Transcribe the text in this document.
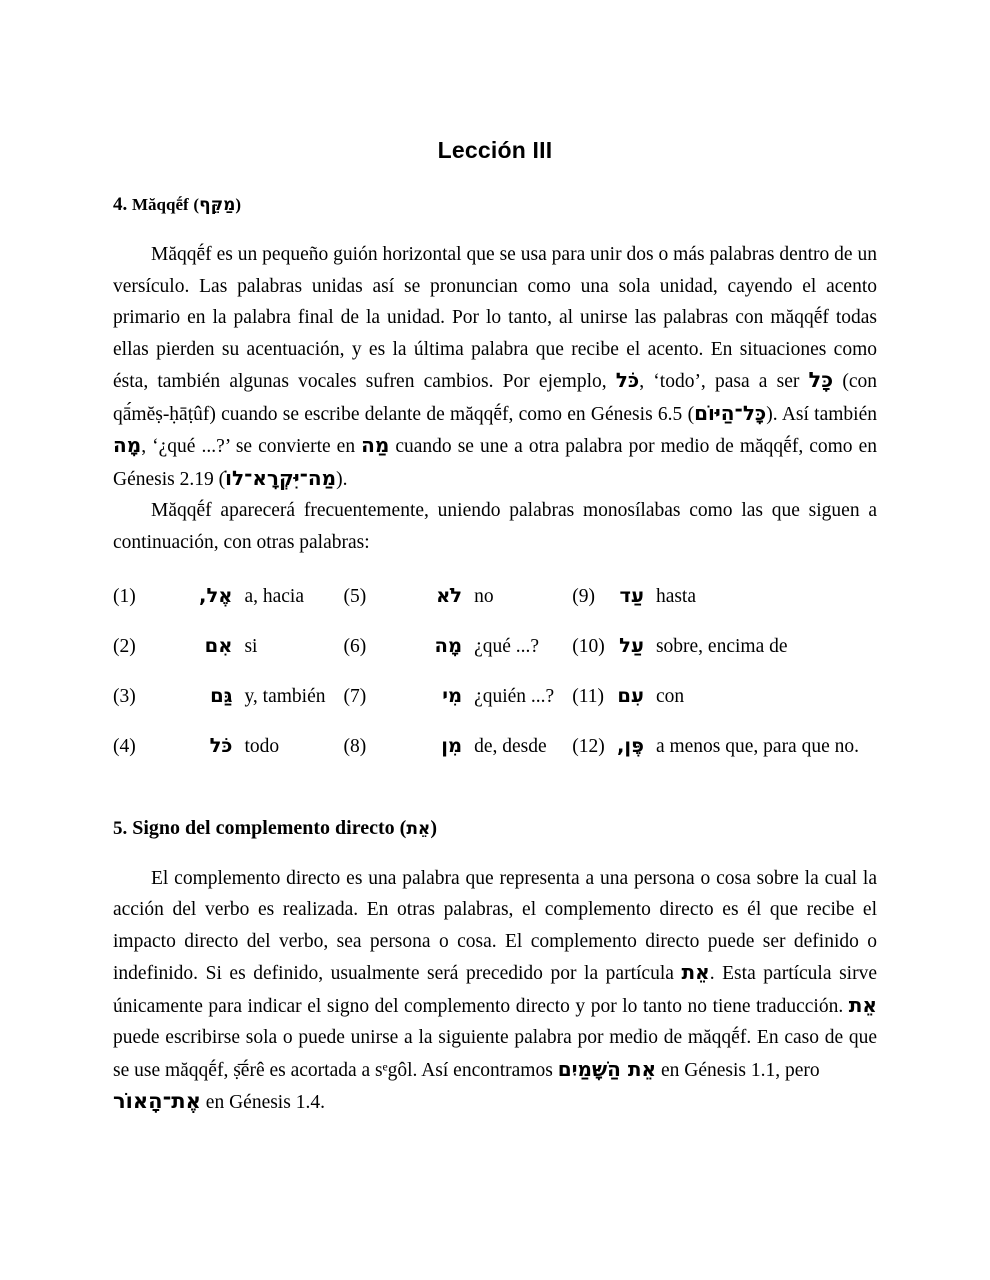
Lección III
4. Măqqḗf (מַקֵּף)

Măqqḗf es un pequeño guión horizontal que se usa para unir dos o más palabras dentro de un versículo. Las palabras unidas así se pronuncian como una sola unidad, cayendo el acento primario en la palabra final de la unidad. Por lo tanto, al unirse las palabras con măqqḗf todas ellas pierden su acentuación, y es la última palabra que recibe el acento. En situaciones como ésta, también algunas vocales sufren cambios. Por ejemplo, כֹּל, ‘todo’, pasa a ser כָּל (con qā́mĕṣ-ḥāṭûf) cuando se escribe delante de măqqḗf, como en Génesis 6.5 (כָּל־הַיּוֹם). Así también מָה, ‘¿qué ...?’ se convierte en מַה cuando se une a otra palabra por medio de măqqḗf, como en Génesis 2.19 (מַה־יִּקְרָא־לוֹ).

Măqqḗf aparecerá frecuentemente, uniendo palabras monosílabas como las que siguen a continuación, con otras palabras:

(1)	אֶל,	a, hacia	(5)	לֹא	no	(9)	עַד	hasta
(2)	אִם	si	(6)	מָה	¿qué ...?	(10)	עַל	sobre, encima de
(3)	גַּם	y, también	(7)	מִי	¿quién ...?	(11)	עִם	con
(4)	כֹּל	todo	(8)	מִן	de, desde	(12)	פֶּן,	a menos que, para que no.
5. Signo del complemento directo (אֵת)

El complemento directo es una palabra que representa a una persona o cosa sobre la cual la acción del verbo es realizada. En otras palabras, el complemento directo es él que recibe el impacto directo del verbo, sea persona o cosa. El complemento directo puede ser definido o indefinido. Si es definido, usualmente será precedido por la partícula אֵת. Esta partícula sirve únicamente para indicar el signo del complemento directo y por lo tanto no tiene traducción. אֵת puede escribirse sola o puede unirse a la siguiente palabra por medio de măqqḗf. En caso de que se use măqqḗf, ṣ̄ḗrê es acortada a sᵉgôl. Así encontramos אֵת הַשָּׁמַיִם en Génesis 1.1, pero

אֶת־הָאוֹר en Génesis 1.4.
